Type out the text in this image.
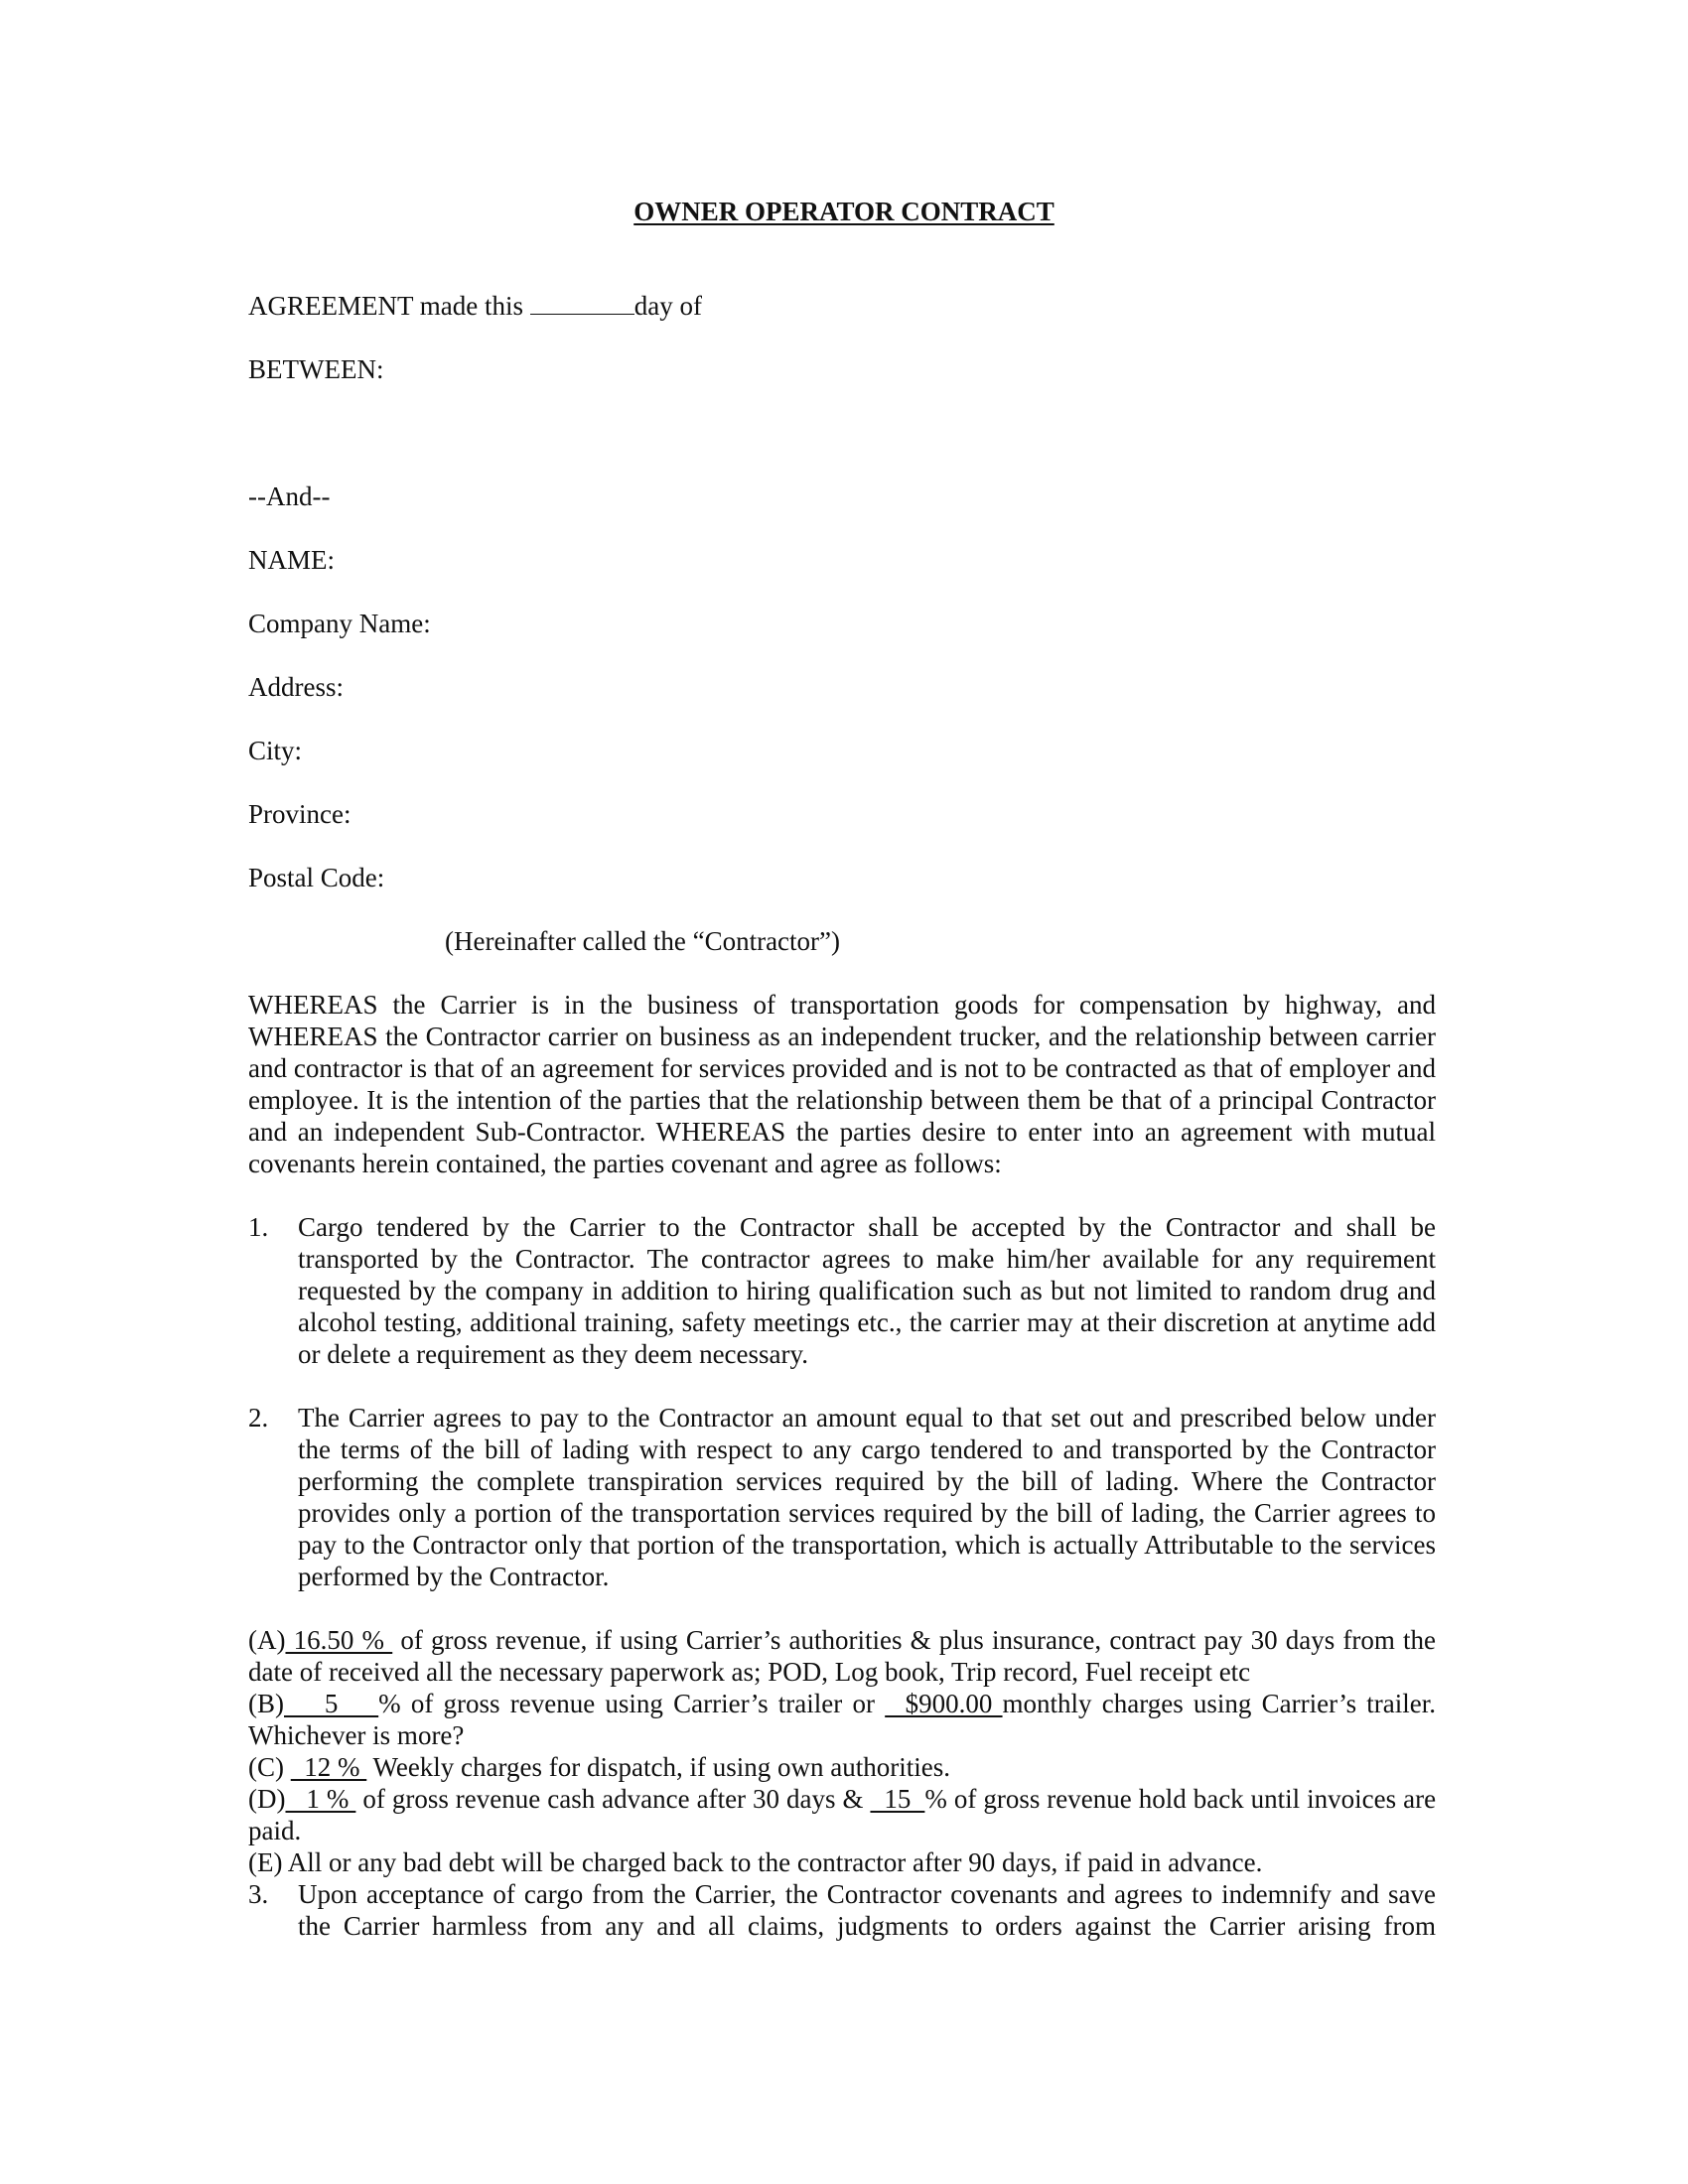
OWNER OPERATOR CONTRACT

AGREEMENT made this	day of

BETWEEN:

--And--

NAME:

Company Name:

Address:

City:

Province:

Postal Code:

(Hereinafter called the “Contractor”)

WHEREAS the Carrier is in the business of transportation goods for compensation by highway, and WHEREAS the Contractor carrier on business as an independent trucker, and the relationship between carrier and contractor is that of an agreement for services provided and is not to be contracted as that of employer and employee. It is the intention of the parties that the relationship between them be that of a principal Contractor and an independent Sub-Contractor. WHEREAS the parties desire to enter into an agreement with mutual covenants herein contained, the parties covenant and agree as follows:

1. Cargo tendered by the Carrier to the Contractor shall be accepted by the Contractor and shall be transported by the Contractor. The contractor agrees to make him/her available for any requirement requested by the company in addition to hiring qualification such as but not limited to random drug and alcohol testing, additional training, safety meetings etc., the carrier may at their discretion at anytime add or delete a requirement as they deem necessary.
2. The Carrier agrees to pay to the Contractor an amount equal to that set out and prescribed below under the terms of the bill of lading with respect to any cargo tendered to and transported by the Contractor performing the complete transpiration services required by the bill of lading. Where the Contractor provides only a portion of the transportation services required by the bill of lading, the Carrier agrees to pay to the Contractor only that portion of the transportation, which is actually Attributable to the services performed by the Contractor.
(A) 16.50 %  of gross revenue, if using Carrier’s authorities & plus insurance, contract pay 30 days from the date of received all the necessary paperwork as; POD, Log book, Trip record, Fuel receipt etc
(B)    5    % of gross revenue using Carrier’s trailer or   $900.00 monthly charges using Carrier’s trailer. Whichever is more?
(C)   12 %  Weekly charges for dispatch, if using own authorities.
(D)   1 %  of gross revenue cash advance after 30 days &   15  % of gross revenue hold back until invoices are paid.

(E) All or any bad debt will be charged back to the contractor after 90 days, if paid in advance.

3. Upon acceptance of cargo from the Carrier, the Contractor covenants and agrees to indemnify and save the Carrier harmless from any and all claims, judgments to orders against the Carrier arising from
